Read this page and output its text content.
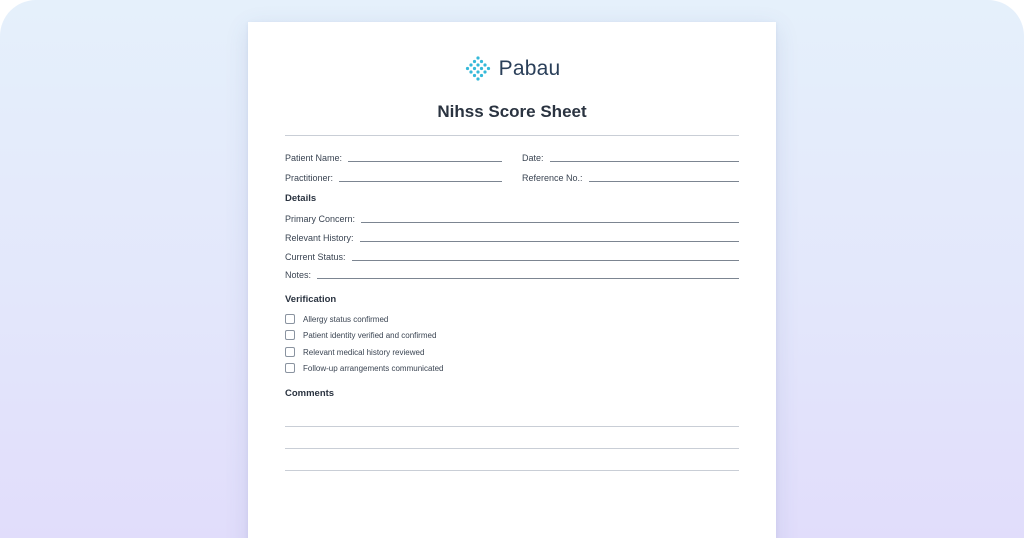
Pabau
Nihss Score Sheet
Patient Name:	Date:
Practitioner:	Reference No.:
Details
Primary Concern:
Relevant History:
Current Status:
Notes:
Verification
Allergy status confirmed
Patient identity verified and confirmed
Relevant medical history reviewed
Follow-up arrangements communicated
Comments
